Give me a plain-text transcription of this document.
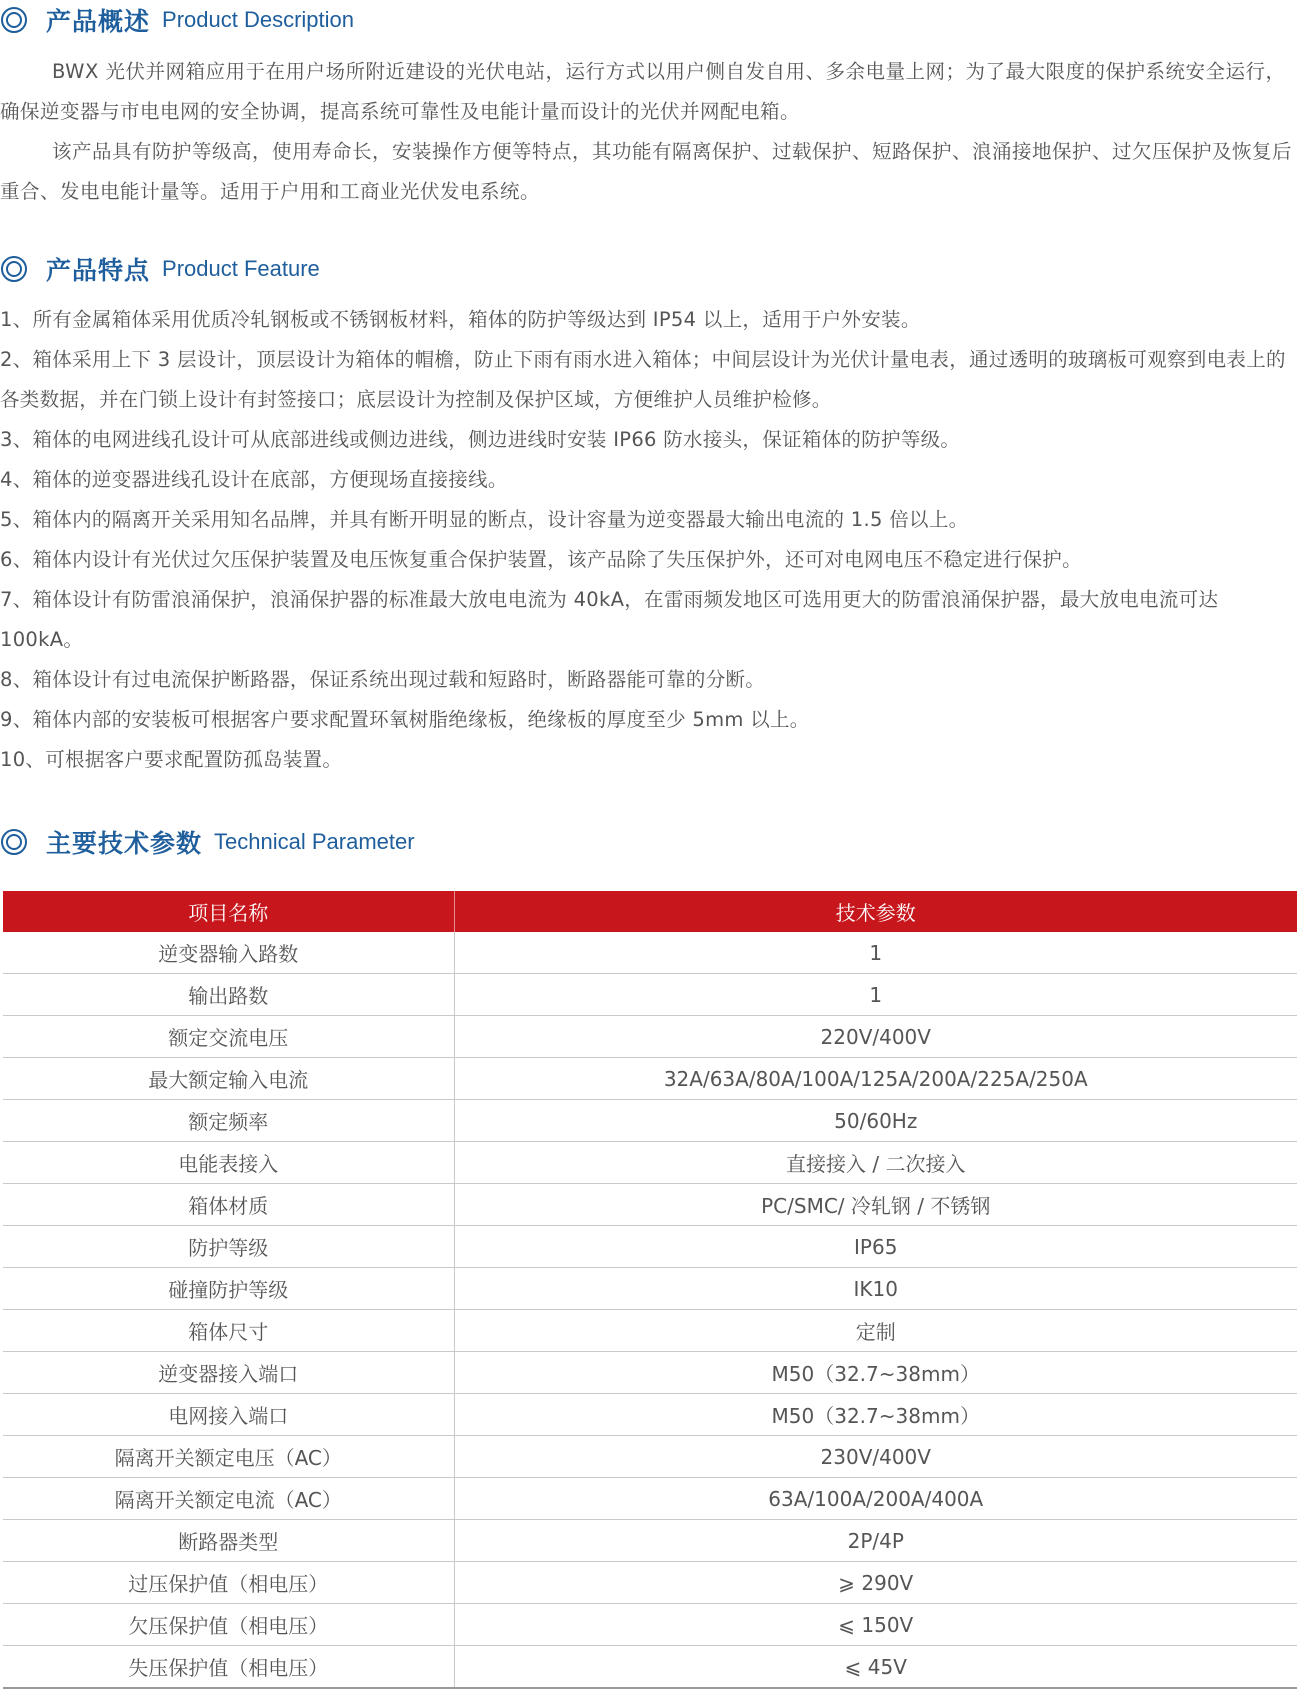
产品概述 Product Description

BWX 光伏并网箱应用于在用户场所附近建设的光伏电站，运行方式以用户侧自发自用、多余电量上网；为了最大限度的保护系统安全运行，确保逆变器与市电电网的安全协调，提高系统可靠性及电能计量而设计的光伏并网配电箱。

该产品具有防护等级高，使用寿命长，安装操作方便等特点，其功能有隔离保护、过载保护、短路保护、浪涌接地保护、过欠压保护及恢复后重合、发电电能计量等。适用于户用和工商业光伏发电系统。

产品特点 Product Feature
1、所有金属箱体采用优质冷轧钢板或不锈钢板材料，箱体的防护等级达到 IP54 以上，适用于户外安装。
2、箱体采用上下 3 层设计，顶层设计为箱体的帽檐，防止下雨有雨水进入箱体；中间层设计为光伏计量电表，通过透明的玻璃板可观察到电表上的各类数据，并在门锁上设计有封签接口；底层设计为控制及保护区域，方便维护人员维护检修。
3、箱体的电网进线孔设计可从底部进线或侧边进线，侧边进线时安装 IP66 防水接头，保证箱体的防护等级。
4、箱体的逆变器进线孔设计在底部，方便现场直接接线。
5、箱体内的隔离开关采用知名品牌，并具有断开明显的断点，设计容量为逆变器最大输出电流的 1.5 倍以上。
6、箱体内设计有光伏过欠压保护装置及电压恢复重合保护装置，该产品除了失压保护外，还可对电网电压不稳定进行保护。
7、箱体设计有防雷浪涌保护，浪涌保护器的标准最大放电电流为 40kA，在雷雨频发地区可选用更大的防雷浪涌保护器，最大放电电流可达 100kA。
8、箱体设计有过电流保护断路器，保证系统出现过载和短路时，断路器能可靠的分断。
9、箱体内部的安装板可根据客户要求配置环氧树脂绝缘板，绝缘板的厚度至少 5mm 以上。
10、可根据客户要求配置防孤岛装置。
主要技术参数 Technical Parameter
项目名称	技术参数
逆变器输入路数	1
输出路数	1
额定交流电压	220V/400V
最大额定输入电流	32A/63A/80A/100A/125A/200A/225A/250A
额定频率	50/60Hz
电能表接入	直接接入 / 二次接入
箱体材质	PC/SMC/ 冷轧钢 / 不锈钢
防护等级	IP65
碰撞防护等级	IK10
箱体尺寸	定制
逆变器接入端口	M50（32.7~38mm）
电网接入端口	M50（32.7~38mm）
隔离开关额定电压（AC）	230V/400V
隔离开关额定电流（AC）	63A/100A/200A/400A
断路器类型	2P/4P
过压保护值（相电压）	⩾ 290V
欠压保护值（相电压）	⩽ 150V
失压保护值（相电压）	⩽ 45V
